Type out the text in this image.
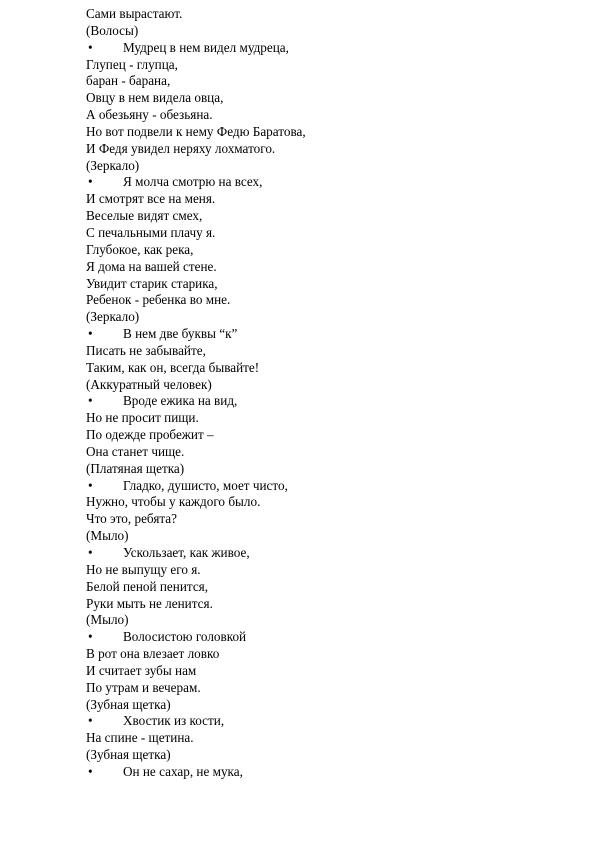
Сами вырастают.
(Волосы)
• Мудрец в нем видел мудреца,
Глупец - глупца,
баран - барана,
Овцу в нем видела овца,
А обезьяну - обезьяна.
Но вот подвели к нему Федю Баратова,
И Федя увидел неряху лохматого.
(Зеркало)
• Я молча смотрю на всех,
И смотрят все на меня.
Веселые видят смех,
С печальными плачу я.
Глубокое, как река,
Я дома на вашей стене.
Увидит старик старика,
Ребенок - ребенка во мне.
(Зеркало)
• В нем две буквы “к”
Писать не забывайте,
Таким, как он, всегда бывайте!
(Аккуратный человек)
• Вроде ежика на вид,
Но не просит пищи.
По одежде пробежит –
Она станет чище.
(Платяная щетка)
• Гладко, душисто, моет чисто,
Нужно, чтобы у каждого было.
Что это, ребята?
(Мыло)
• Ускользает, как живое,
Но не выпущу его я.
Белой пеной пенится,
Руки мыть не ленится.
(Мыло)
• Волосистою головкой
В рот она влезает ловко
И считает зубы нам
По утрам и вечерам.
(Зубная щетка)
• Хвостик из кости,
На спине - щетина.
(Зубная щетка)
• Он не сахар, не мука,
